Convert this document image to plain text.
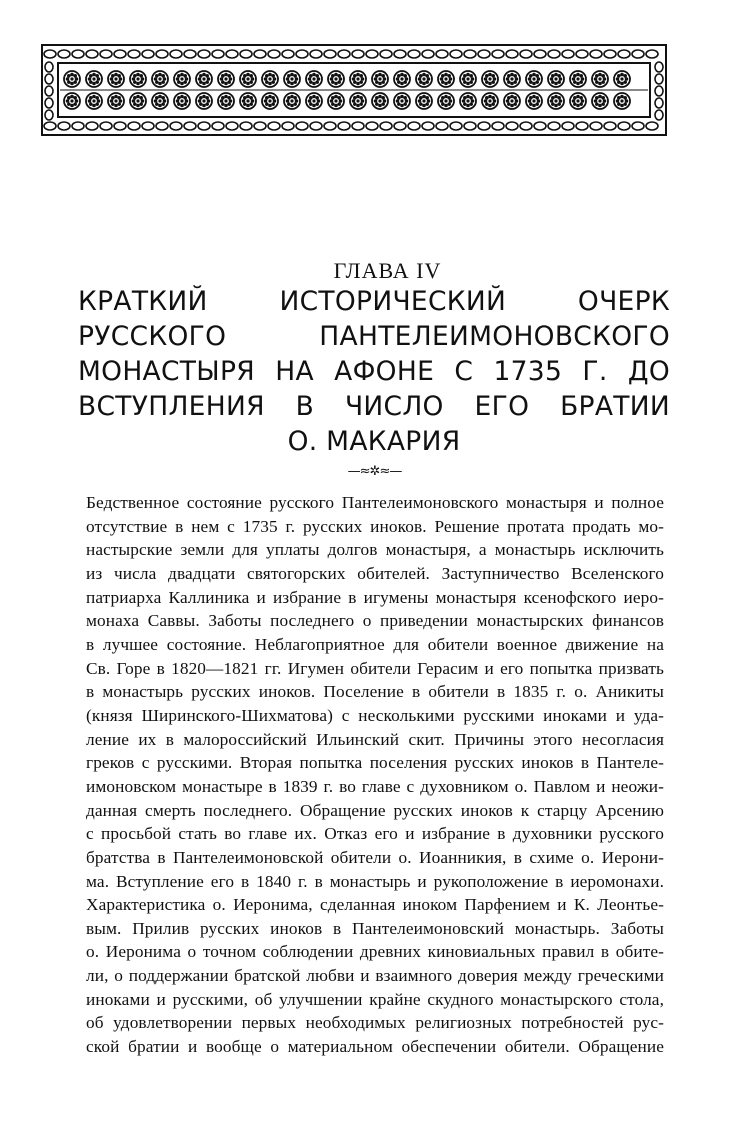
ГЛАВА IV
КРАТКИЙ ИСТОРИЧЕСКИЙ ОЧЕРК
РУССКОГО ПАНТЕЛЕИМОНОВСКОГО
МОНАСТЫРЯ НА АФОНЕ С 1735 Г. ДО
ВСТУПЛЕНИЯ В ЧИСЛО ЕГО БРАТИИ
О. МАКАРИЯ
—≈✲≈—
Бедственное состояние русского Пантелеимоновского монастыря и полное
отсутствие в нем с 1735 г. русских иноков. Решение протата продать мо-
настырские земли для уплаты долгов монастыря, а монастырь исключить
из числа двадцати святогорских обителей. Заступничество Вселенского
патриарха Каллиника и избрание в игумены монастыря ксенофского иеро-
монаха Саввы. Заботы последнего о приведении монастырских финансов
в лучшее состояние. Неблагоприятное для обители военное движение на
Св. Горе в 1820—1821 гг. Игумен обители Герасим и его попытка призвать
в монастырь русских иноков. Поселение в обители в 1835 г. о. Аникиты
(князя Ширинского-Шихматова) с несколькими русскими иноками и уда-
ление их в малороссийский Ильинский скит. Причины этого несогласия
греков с русскими. Вторая попытка поселения русских иноков в Пантеле-
имоновском монастыре в 1839 г. во главе с духовником о. Павлом и неожи-
данная смерть последнего. Обращение русских иноков к старцу Арсению
с просьбой стать во главе их. Отказ его и избрание в духовники русского
братства в Пантелеимоновской обители о. Иоанникия, в схиме о. Иерони-
ма. Вступление его в 1840 г. в монастырь и рукоположение в иеромонахи.
Характеристика о. Иеронима, сделанная иноком Парфением и К. Леонтье-
вым. Прилив русских иноков в Пантелеимоновский монастырь. Заботы
о. Иеронима о точном соблюдении древних киновиальных правил в обите-
ли, о поддержании братской любви и взаимного доверия между греческими
иноками и русскими, об улучшении крайне скудного монастырского стола,
об удовлетворении первых необходимых религиозных потребностей рус-
ской братии и вообще о материальном обеспечении обители. Обращение
